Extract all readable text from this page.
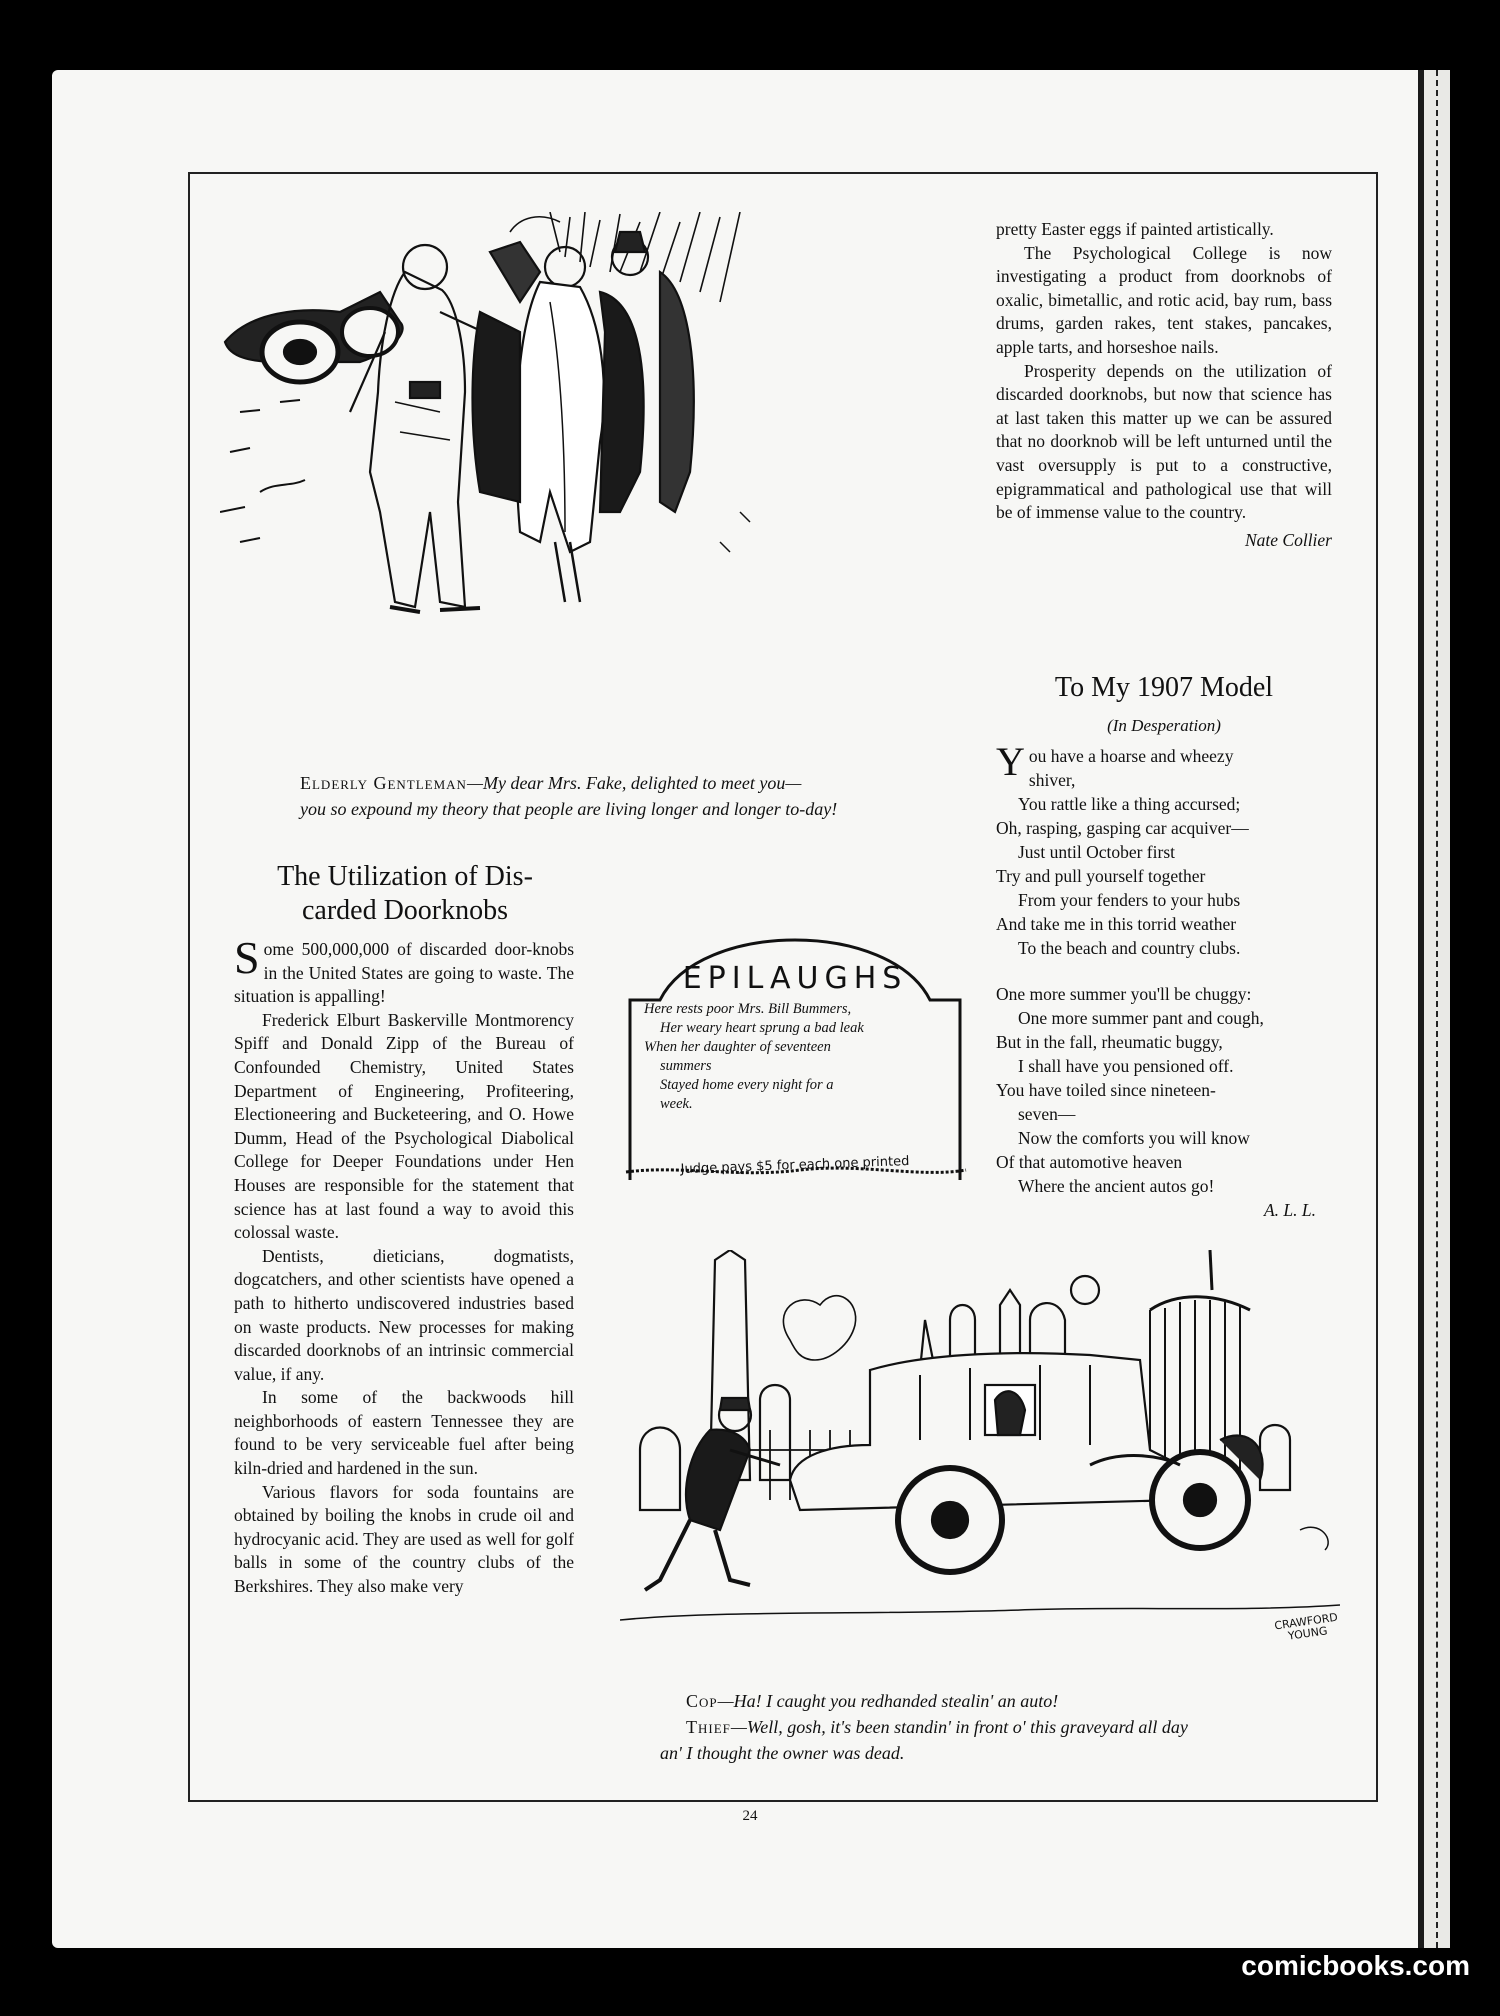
Elderly Gentleman—My dear Mrs. Fake, delighted to meet you—
you so expound my theory that people are living longer and longer to-day!

pretty Easter eggs if painted artistically.

The Psychological College is now investigating a product from doorknobs of oxalic, bimetallic, and rotic acid, bay rum, bass drums, garden rakes, tent stakes, pancakes, apple tarts, and horseshoe nails.

Prosperity depends on the utilization of discarded doorknobs, but now that science has at last taken this matter up we can be assured that no doorknob will be left unturned until the vast oversupply is put to a constructive, epigrammatical and pathological use that will be of immense value to the country.

Nate Collier
The Utilization of Dis-
carded Doorknobs

Some 500,000,000 of discarded door-knobs in the United States are going to waste. The situation is appalling!

Frederick Elburt Baskerville Montmorency Spiff and Donald Zipp of the Bureau of Confounded Chemistry, United States Department of Engineering, Profiteering, Electioneering and Bucketeering, and O. Howe Dumm, Head of the Psychological Diabolical College for Deeper Foundations under Hen Houses are responsible for the statement that science has at last found a way to avoid this colossal waste.

Dentists, dieticians, dogmatists, dogcatchers, and other scientists have opened a path to hitherto undiscovered industries based on waste products. New processes for making discarded doorknobs of an intrinsic commercial value, if any.

In some of the backwoods hill neighborhoods of eastern Tennessee they are found to be very serviceable fuel after being kiln-dried and hardened in the sun.

Various flavors for soda fountains are obtained by boiling the knobs in crude oil and hydrocyanic acid. They are used as well for golf balls in some of the country clubs of the Berkshires. They also make very

EPILAUGHS
Here rests poor Mrs. Bill Bummers,
Her weary heart sprung a bad leak
When her daughter of seventeen
summers
Stayed home every night for a
week.
Judge pays $5 for each one printed
To My 1907 Model
(In Desperation)
You have a hoarse and wheezy
shiver,
You rattle like a thing accursed;
Oh, rasping, gasping car acquiver—
Just until October first
Try and pull yourself together
From your fenders to your hubs
And take me in this torrid weather
To the beach and country clubs.
One more summer you'll be chuggy:
One more summer pant and cough,
But in the fall, rheumatic buggy,
I shall have you pensioned off.
You have toiled since nineteen-
seven—
Now the comforts you will know
Of that automotive heaven
Where the ancient autos go!
A. L. L.
CRAWFORD YOUNG
Cop—Ha! I caught you redhanded stealin' an auto!
Thief—Well, gosh, it's been standin' in front o' this graveyard all day
an' I thought the owner was dead.
24
comicbooks.com
